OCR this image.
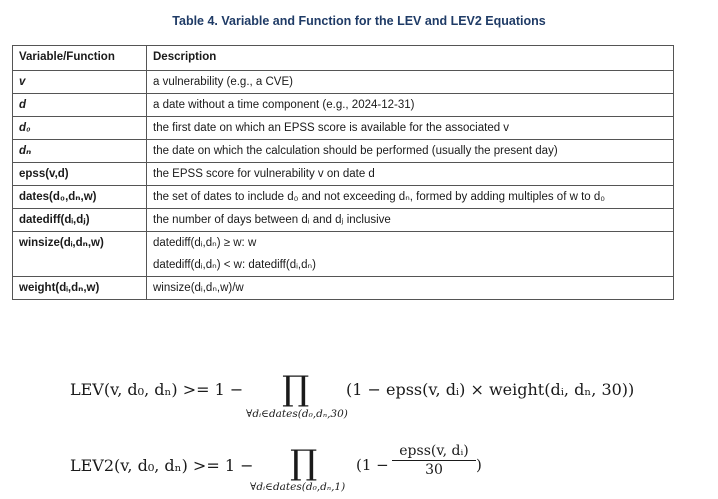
Table 4. Variable and Function for the LEV and LEV2 Equations
Variable/Function	Description
v	a vulnerability (e.g., a CVE)

d	a date without a time component (e.g., 2024-12-31)

d₀	the first date on which an EPSS score is available for the associated v

dₙ	the date on which the calculation should be performed (usually the present day)

epss(v,d)	the EPSS score for vulnerability v on date d

dates(d₀,dₙ,w)	the set of dates to include d₀ and not exceeding dₙ, formed by adding multiples of w to d₀

datediff(dᵢ,dⱼ)	the number of days between dᵢ and dⱼ inclusive

winsize(dᵢ,dₙ,w)	datediff(dᵢ,dₙ) ≥ w: w
datediff(dᵢ,dₙ) < w: datediff(dᵢ,dₙ)

weight(dᵢ,dₙ,w)	winsize(dᵢ,dₙ,w)/w
LEV(v, d₀, dₙ) >= 1 − ∏
∀dᵢ∈dates(d₀,dₙ,30)
(1 − epss(v, dᵢ) × weight(dᵢ, dₙ, 30))
LEV2(v, d₀, dₙ) >= 1 − ∏
∀dᵢ∈dates(d₀,dₙ,1)
(1 −
epss(v, dᵢ)
30	)
